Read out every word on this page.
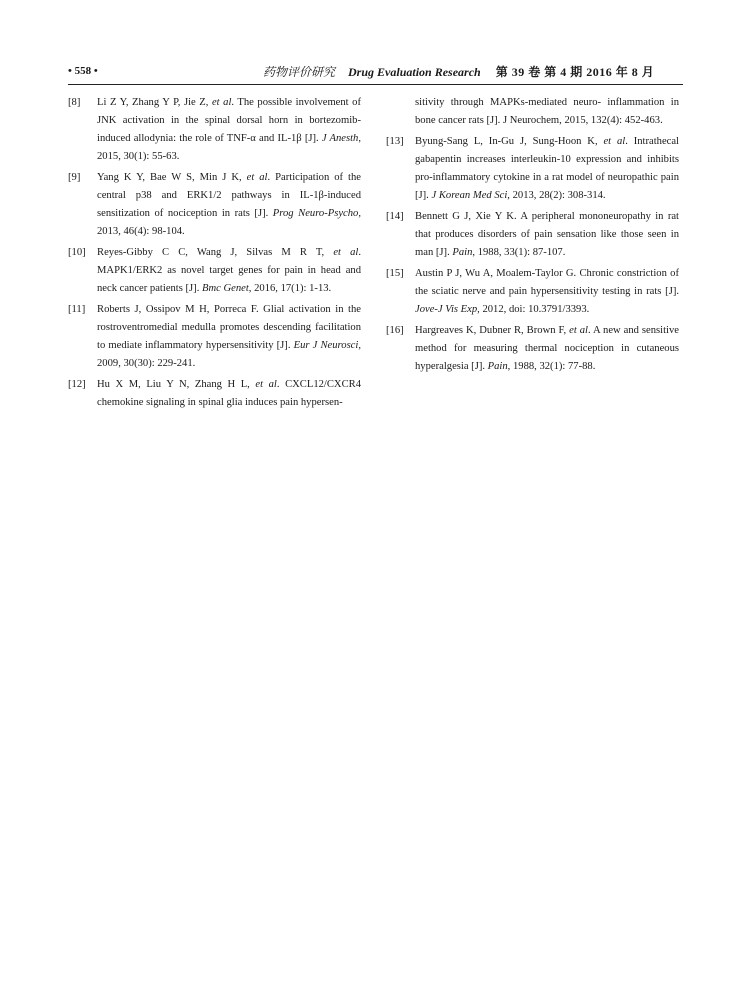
• 558 •	药物评价研究 Drug Evaluation Research 第 39 卷 第 4 期 2016 年 8 月
[8] Li Z Y, Zhang Y P, Jie Z, et al. The possible involvement of JNK activation in the spinal dorsal horn in bortezomib-induced allodynia: the role of TNF-α and IL-1β [J]. J Anesth, 2015, 30(1): 55-63.
[9] Yang K Y, Bae W S, Min J K, et al. Participation of the central p38 and ERK1/2 pathways in IL-1β-induced sensitization of nociception in rats [J]. Prog Neuro-Psycho, 2013, 46(4): 98-104.
[10] Reyes-Gibby C C, Wang J, Silvas M R T, et al. MAPK1/ERK2 as novel target genes for pain in head and neck cancer patients [J]. Bmc Genet, 2016, 17(1): 1-13.
[11] Roberts J, Ossipov M H, Porreca F. Glial activation in the rostroventromedial medulla promotes descending facilitation to mediate inflammatory hypersensitivity [J]. Eur J Neurosci, 2009, 30(30): 229-241.
[12] Hu X M, Liu Y N, Zhang H L, et al. CXCL12/CXCR4 chemokine signaling in spinal glia induces pain hypersen-
sitivity through MAPKs-mediated neuro- inflammation in bone cancer rats [J]. J Neurochem, 2015, 132(4): 452-463.
[13] Byung-Sang L, In-Gu J, Sung-Hoon K, et al. Intrathecal gabapentin increases interleukin-10 expression and inhibits pro-inflammatory cytokine in a rat model of neuropathic pain [J]. J Korean Med Sci, 2013, 28(2): 308-314.
[14] Bennett G J, Xie Y K. A peripheral mononeuropathy in rat that produces disorders of pain sensation like those seen in man [J]. Pain, 1988, 33(1): 87-107.
[15] Austin P J, Wu A, Moalem-Taylor G. Chronic constriction of the sciatic nerve and pain hypersensitivity testing in rats [J]. Jove-J Vis Exp, 2012, doi: 10.3791/3393.
[16] Hargreaves K, Dubner R, Brown F, et al. A new and sensitive method for measuring thermal nociception in cutaneous hyperalgesia [J]. Pain, 1988, 32(1): 77-88.
